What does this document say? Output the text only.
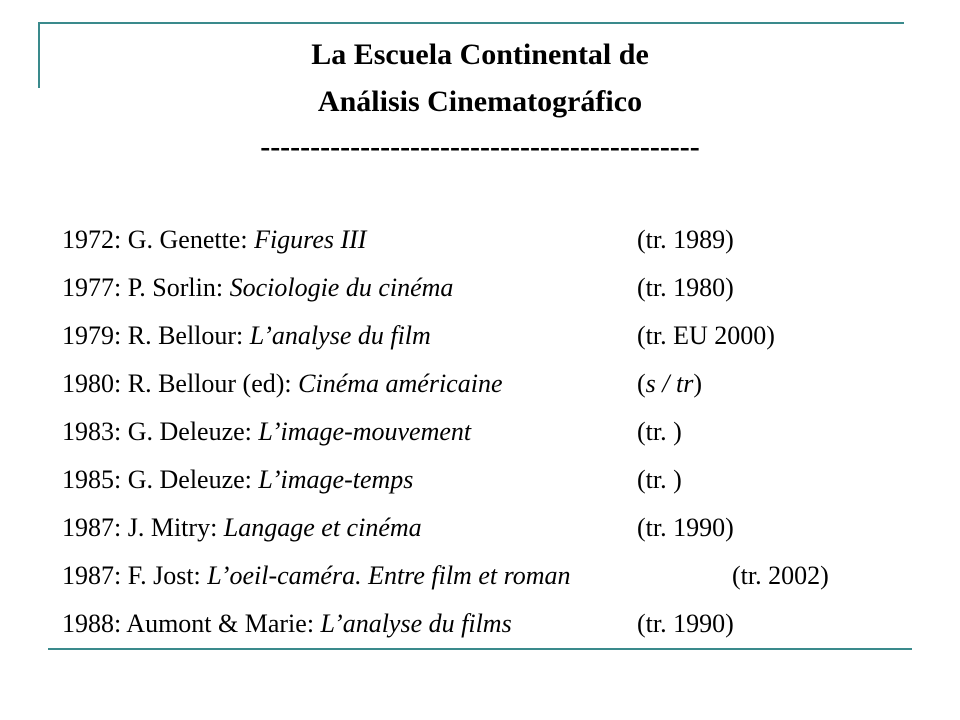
La Escuela Continental de
Análisis Cinematográfico
--------------------------------------------
1972: G. Genette: Figures III	(tr. 1989)
1977: P. Sorlin: Sociologie du cinéma	(tr. 1980)
1979: R. Bellour: L’analyse du film	(tr. EU 2000)
1980: R. Bellour (ed): Cinéma américaine	(s / tr)
1983: G. Deleuze: L’image-mouvement	(tr. )
1985: G. Deleuze: L’image-temps	(tr. )
1987: J. Mitry: Langage et cinéma	(tr. 1990)
1987: F. Jost: L’oeil-caméra. Entre film et roman	(tr. 2002)
1988: Aumont & Marie: L’analyse du films	(tr. 1990)
